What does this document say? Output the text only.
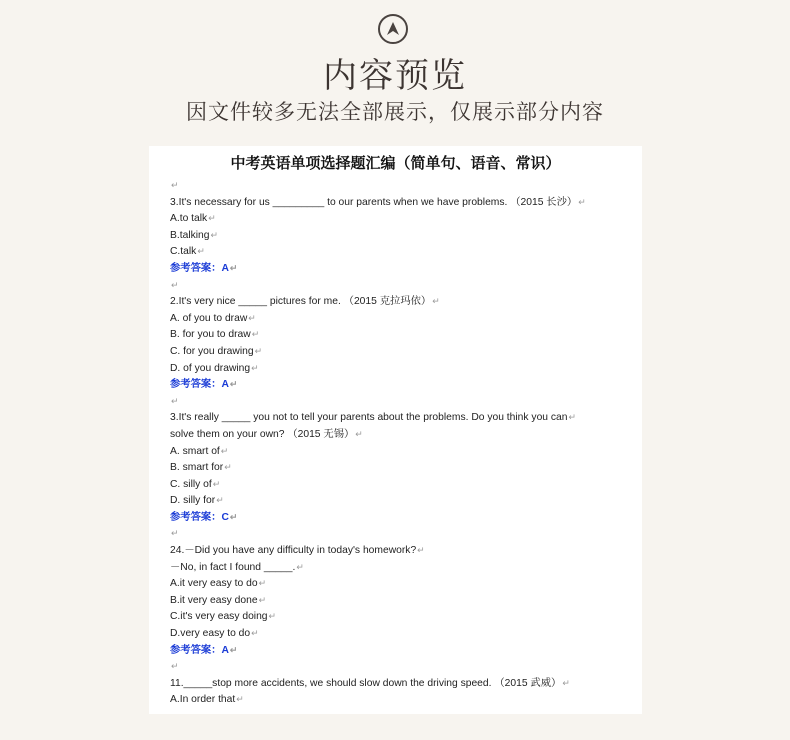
内容预览
因文件较多无法全部展示，仅展示部分内容
中考英语单项选择题汇编（简单句、语音、常识）
↵
3.It's necessary for us _________ to our parents when we have problems. （2015 长沙）↵
A.to talk↵
B.talking↵
C.talk↵
参考答案：A↵
↵
2.It's very nice _____ pictures for me. （2015 克拉玛依）↵
A. of you to draw↵
B. for you to draw↵
C. for you drawing↵
D. of you drawing↵
参考答案：A↵
↵
3.It's really _____ you not to tell your parents about the problems. Do you think you can↵
solve them on your own? （2015 无锡）↵
A. smart of↵
B. smart for↵
C. silly of↵
D. silly for↵
参考答案：C↵
↵
24.－Did you have any difficulty in today's homework?↵
－No, in fact I found _____.↵
A.it very easy to do↵
B.it very easy done↵
C.it's very easy doing↵
D.very easy to do↵
参考答案：A↵
↵
11._____stop more accidents, we should slow down the driving speed. （2015 武威）↵
A.In order that↵
